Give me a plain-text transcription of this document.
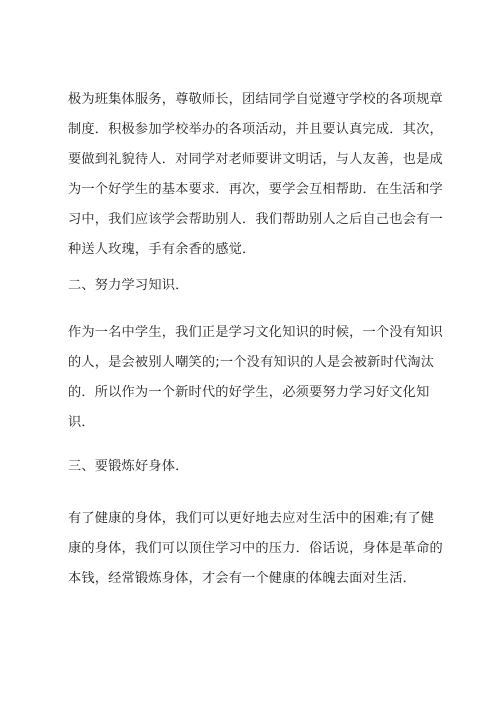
极为班集体服务，尊敬师长，团结同学自觉遵守学校的各项规章
制度．积极参加学校举办的各项活动，并且要认真完成．其次，
要做到礼貌待人．对同学对老师要讲文明话，与人友善，也是成
为一个好学生的基本要求．再次，要学会互相帮助．在生活和学
习中，我们应该学会帮助别人．我们帮助别人之后自己也会有一
种送人玫瑰，手有余香的感觉．
二、努力学习知识．
作为一名中学生，我们正是学习文化知识的时候，一个没有知识
的人，是会被别人嘲笑的;一个没有知识的人是会被新时代淘汰
的．所以作为一个新时代的好学生，必须要努力学习好文化知
识．
三、要锻炼好身体．
有了健康的身体，我们可以更好地去应对生活中的困难;有了健
康的身体，我们可以顶住学习中的压力．俗话说，身体是革命的
本钱，经常锻炼身体，才会有一个健康的体魄去面对生活．
